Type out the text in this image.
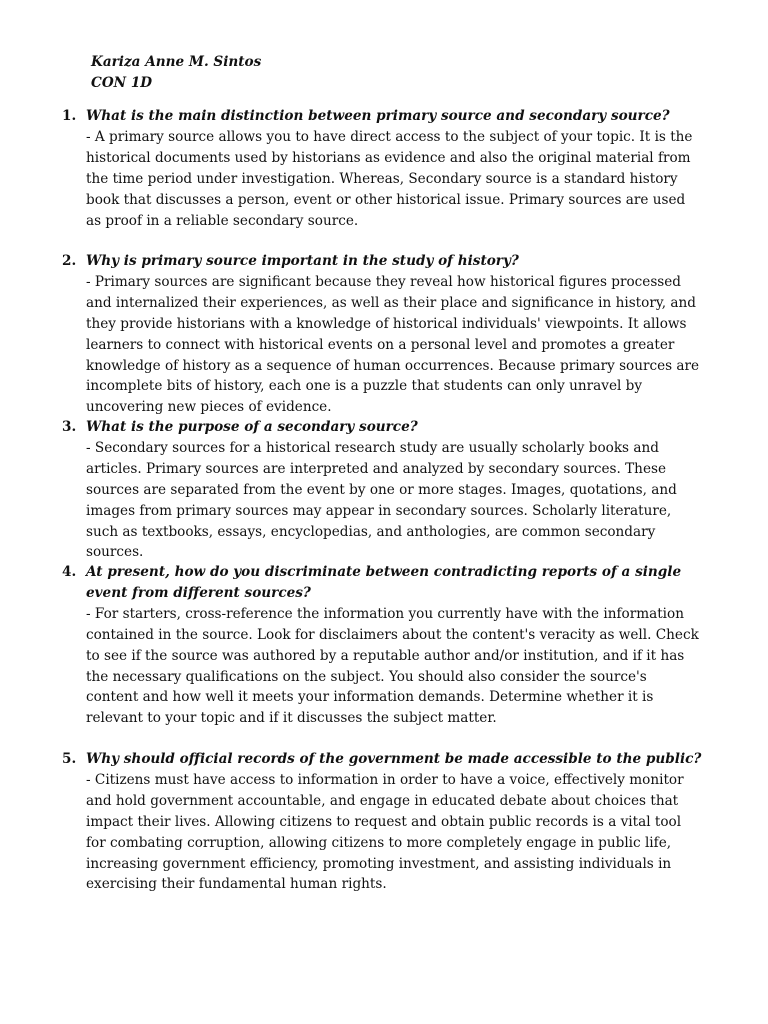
Kariza Anne M. Sintos
CON 1D
1. What is the main distinction between primary source and secondary source?
- A primary source allows you to have direct access to the subject of your topic. It is the historical documents used by historians as evidence and also the original material from the time period under investigation. Whereas, Secondary source is a standard history book that discusses a person, event or other historical issue. Primary sources are used as proof in a reliable secondary source.
2. Why is primary source important in the study of history?
- Primary sources are significant because they reveal how historical figures processed and internalized their experiences, as well as their place and significance in history, and they provide historians with a knowledge of historical individuals' viewpoints. It allows learners to connect with historical events on a personal level and promotes a greater knowledge of history as a sequence of human occurrences. Because primary sources are incomplete bits of history, each one is a puzzle that students can only unravel by uncovering new pieces of evidence.
3. What is the purpose of a secondary source?
- Secondary sources for a historical research study are usually scholarly books and articles. Primary sources are interpreted and analyzed by secondary sources. These sources are separated from the event by one or more stages. Images, quotations, and images from primary sources may appear in secondary sources. Scholarly literature, such as textbooks, essays, encyclopedias, and anthologies, are common secondary sources.
4. At present, how do you discriminate between contradicting reports of a single event from different sources?
- For starters, cross-reference the information you currently have with the information contained in the source. Look for disclaimers about the content's veracity as well. Check to see if the source was authored by a reputable author and/or institution, and if it has the necessary qualifications on the subject. You should also consider the source's content and how well it meets your information demands. Determine whether it is relevant to your topic and if it discusses the subject matter.
5. Why should official records of the government be made accessible to the public?
- Citizens must have access to information in order to have a voice, effectively monitor and hold government accountable, and engage in educated debate about choices that impact their lives. Allowing citizens to request and obtain public records is a vital tool for combating corruption, allowing citizens to more completely engage in public life, increasing government efficiency, promoting investment, and assisting individuals in exercising their fundamental human rights.
